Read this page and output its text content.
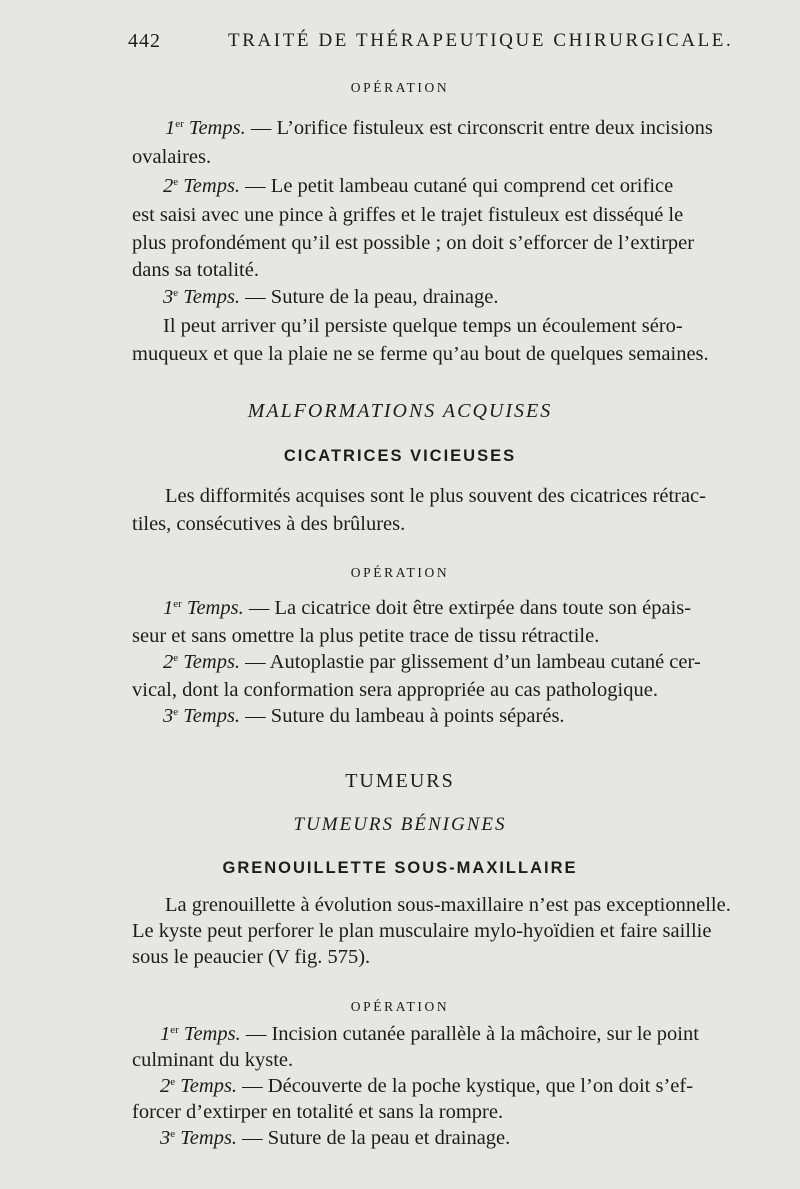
442	TRAITÉ DE THÉRAPEUTIQUE CHIRURGICALE.
OPÉRATION
1er Temps. — L’orifice fistuleux est circonscrit entre deux incisions
ovalaires.
2e Temps. — Le petit lambeau cutané qui comprend cet orifice
est saisi avec une pince à griffes et le trajet fistuleux est disséqué le
plus profondément qu’il est possible ; on doit s’efforcer de l’extirper
dans sa totalité.
3e Temps. — Suture de la peau, drainage.
Il peut arriver qu’il persiste quelque temps un écoulement séro-
muqueux et que la plaie ne se ferme qu’au bout de quelques semaines.
MALFORMATIONS ACQUISES
CICATRICES VICIEUSES
Les difformités acquises sont le plus souvent des cicatrices rétrac-
tiles, consécutives à des brûlures.
OPÉRATION
1er Temps. — La cicatrice doit être extirpée dans toute son épais-
seur et sans omettre la plus petite trace de tissu rétractile.
2e Temps. — Autoplastie par glissement d’un lambeau cutané cer-
vical, dont la conformation sera appropriée au cas pathologique.
3e Temps. — Suture du lambeau à points séparés.
TUMEURS
TUMEURS BÉNIGNES
GRENOUILLETTE SOUS-MAXILLAIRE
La grenouillette à évolution sous-maxillaire n’est pas exceptionnelle.
Le kyste peut perforer le plan musculaire mylo-hyoïdien et faire saillie
sous le peaucier (V fig. 575).
OPÉRATION
1er Temps. — Incision cutanée parallèle à la mâchoire, sur le point
culminant du kyste.
2e Temps. — Découverte de la poche kystique, que l’on doit s’ef-
forcer d’extirper en totalité et sans la rompre.
3e Temps. — Suture de la peau et drainage.
